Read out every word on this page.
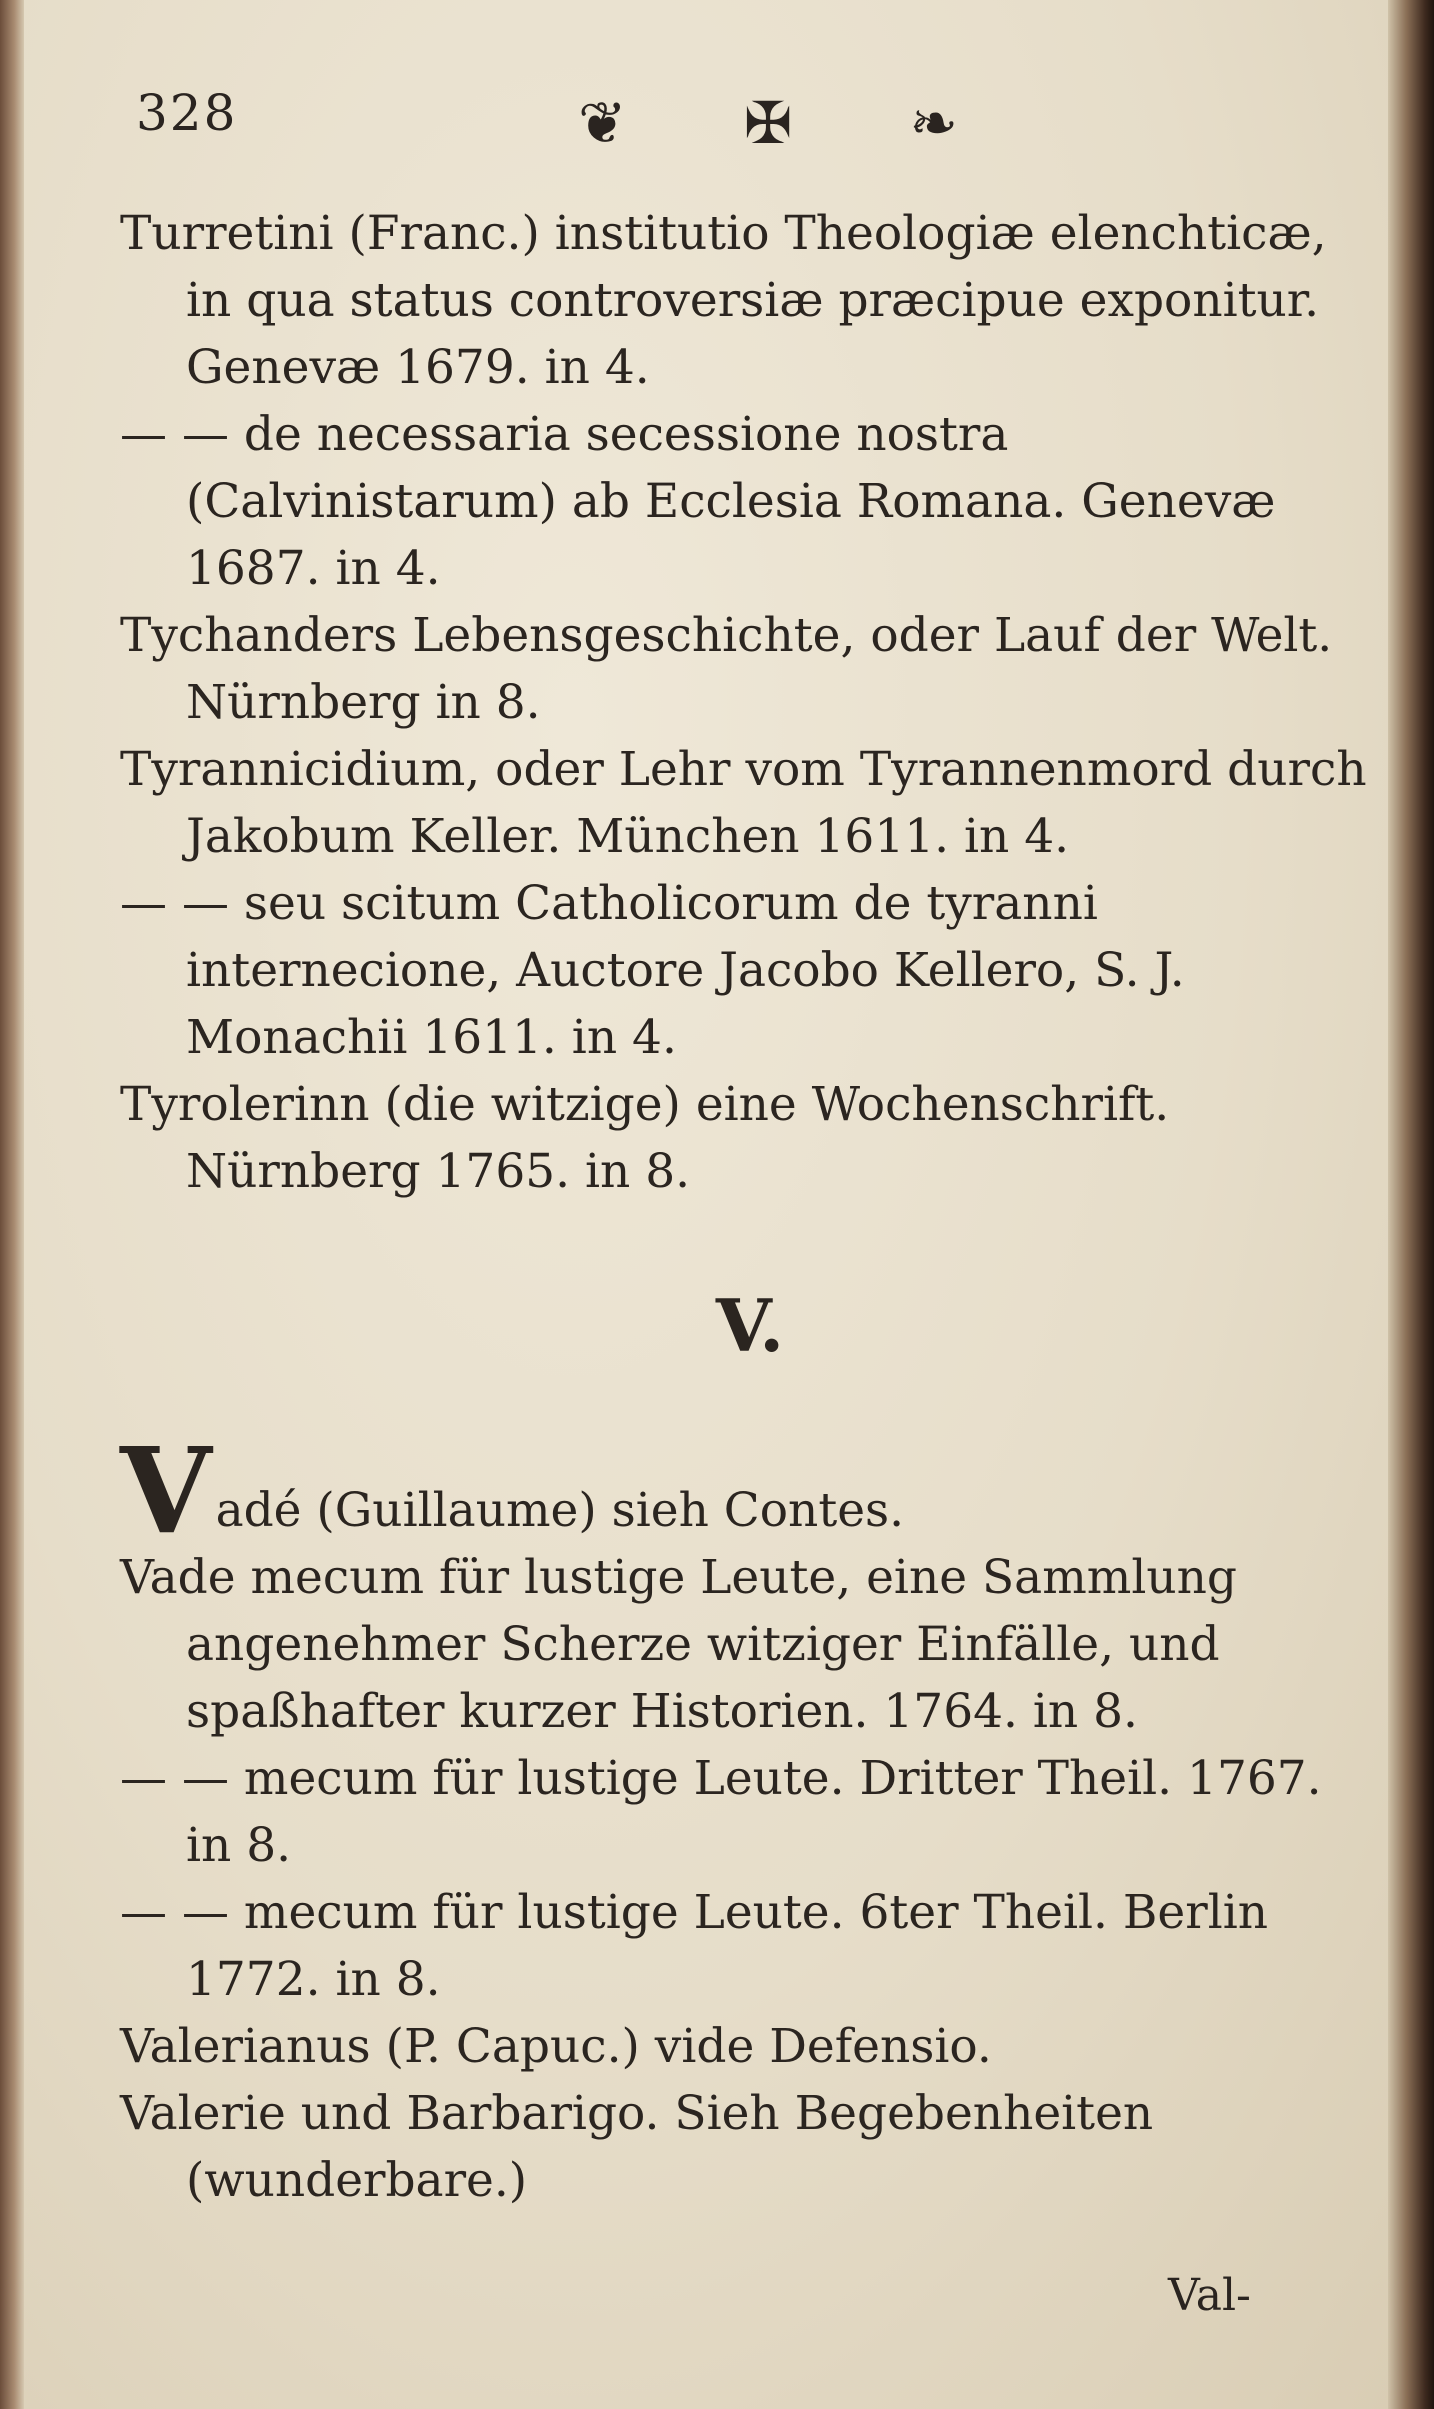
328	❦ ✠ ❧

Turretini (Franc.) institutio Theologiæ elenchticæ, in qua status controversiæ præcipue exponitur. Genevæ 1679. in 4.

— — de necessaria secessione nostra (Calvinistarum) ab Ecclesia Romana. Genevæ 1687. in 4.

Tychanders Lebensgeschichte, oder Lauf der Welt. Nürnberg in 8.

Tyrannicidium, oder Lehr vom Tyrannenmord durch Jakobum Keller. München 1611. in 4.

— — seu scitum Catholicorum de tyranni internecione, Auctore Jacobo Kellero, S. J. Monachii 1611. in 4.

Tyrolerinn (die witzige) eine Wochenschrift. Nürnberg 1765. in 8.

V.

Vadé (Guillaume) sieh Contes.

Vade mecum für lustige Leute, eine Sammlung angenehmer Scherze witziger Einfälle, und spaßhafter kurzer Historien. 1764. in 8.

— — mecum für lustige Leute. Dritter Theil. 1767. in 8.

— — mecum für lustige Leute. 6ter Theil. Berlin 1772. in 8.

Valerianus (P. Capuc.) vide Defensio.

Valerie und Barbarigo. Sieh Begebenheiten (wunderbare.)

Val-
